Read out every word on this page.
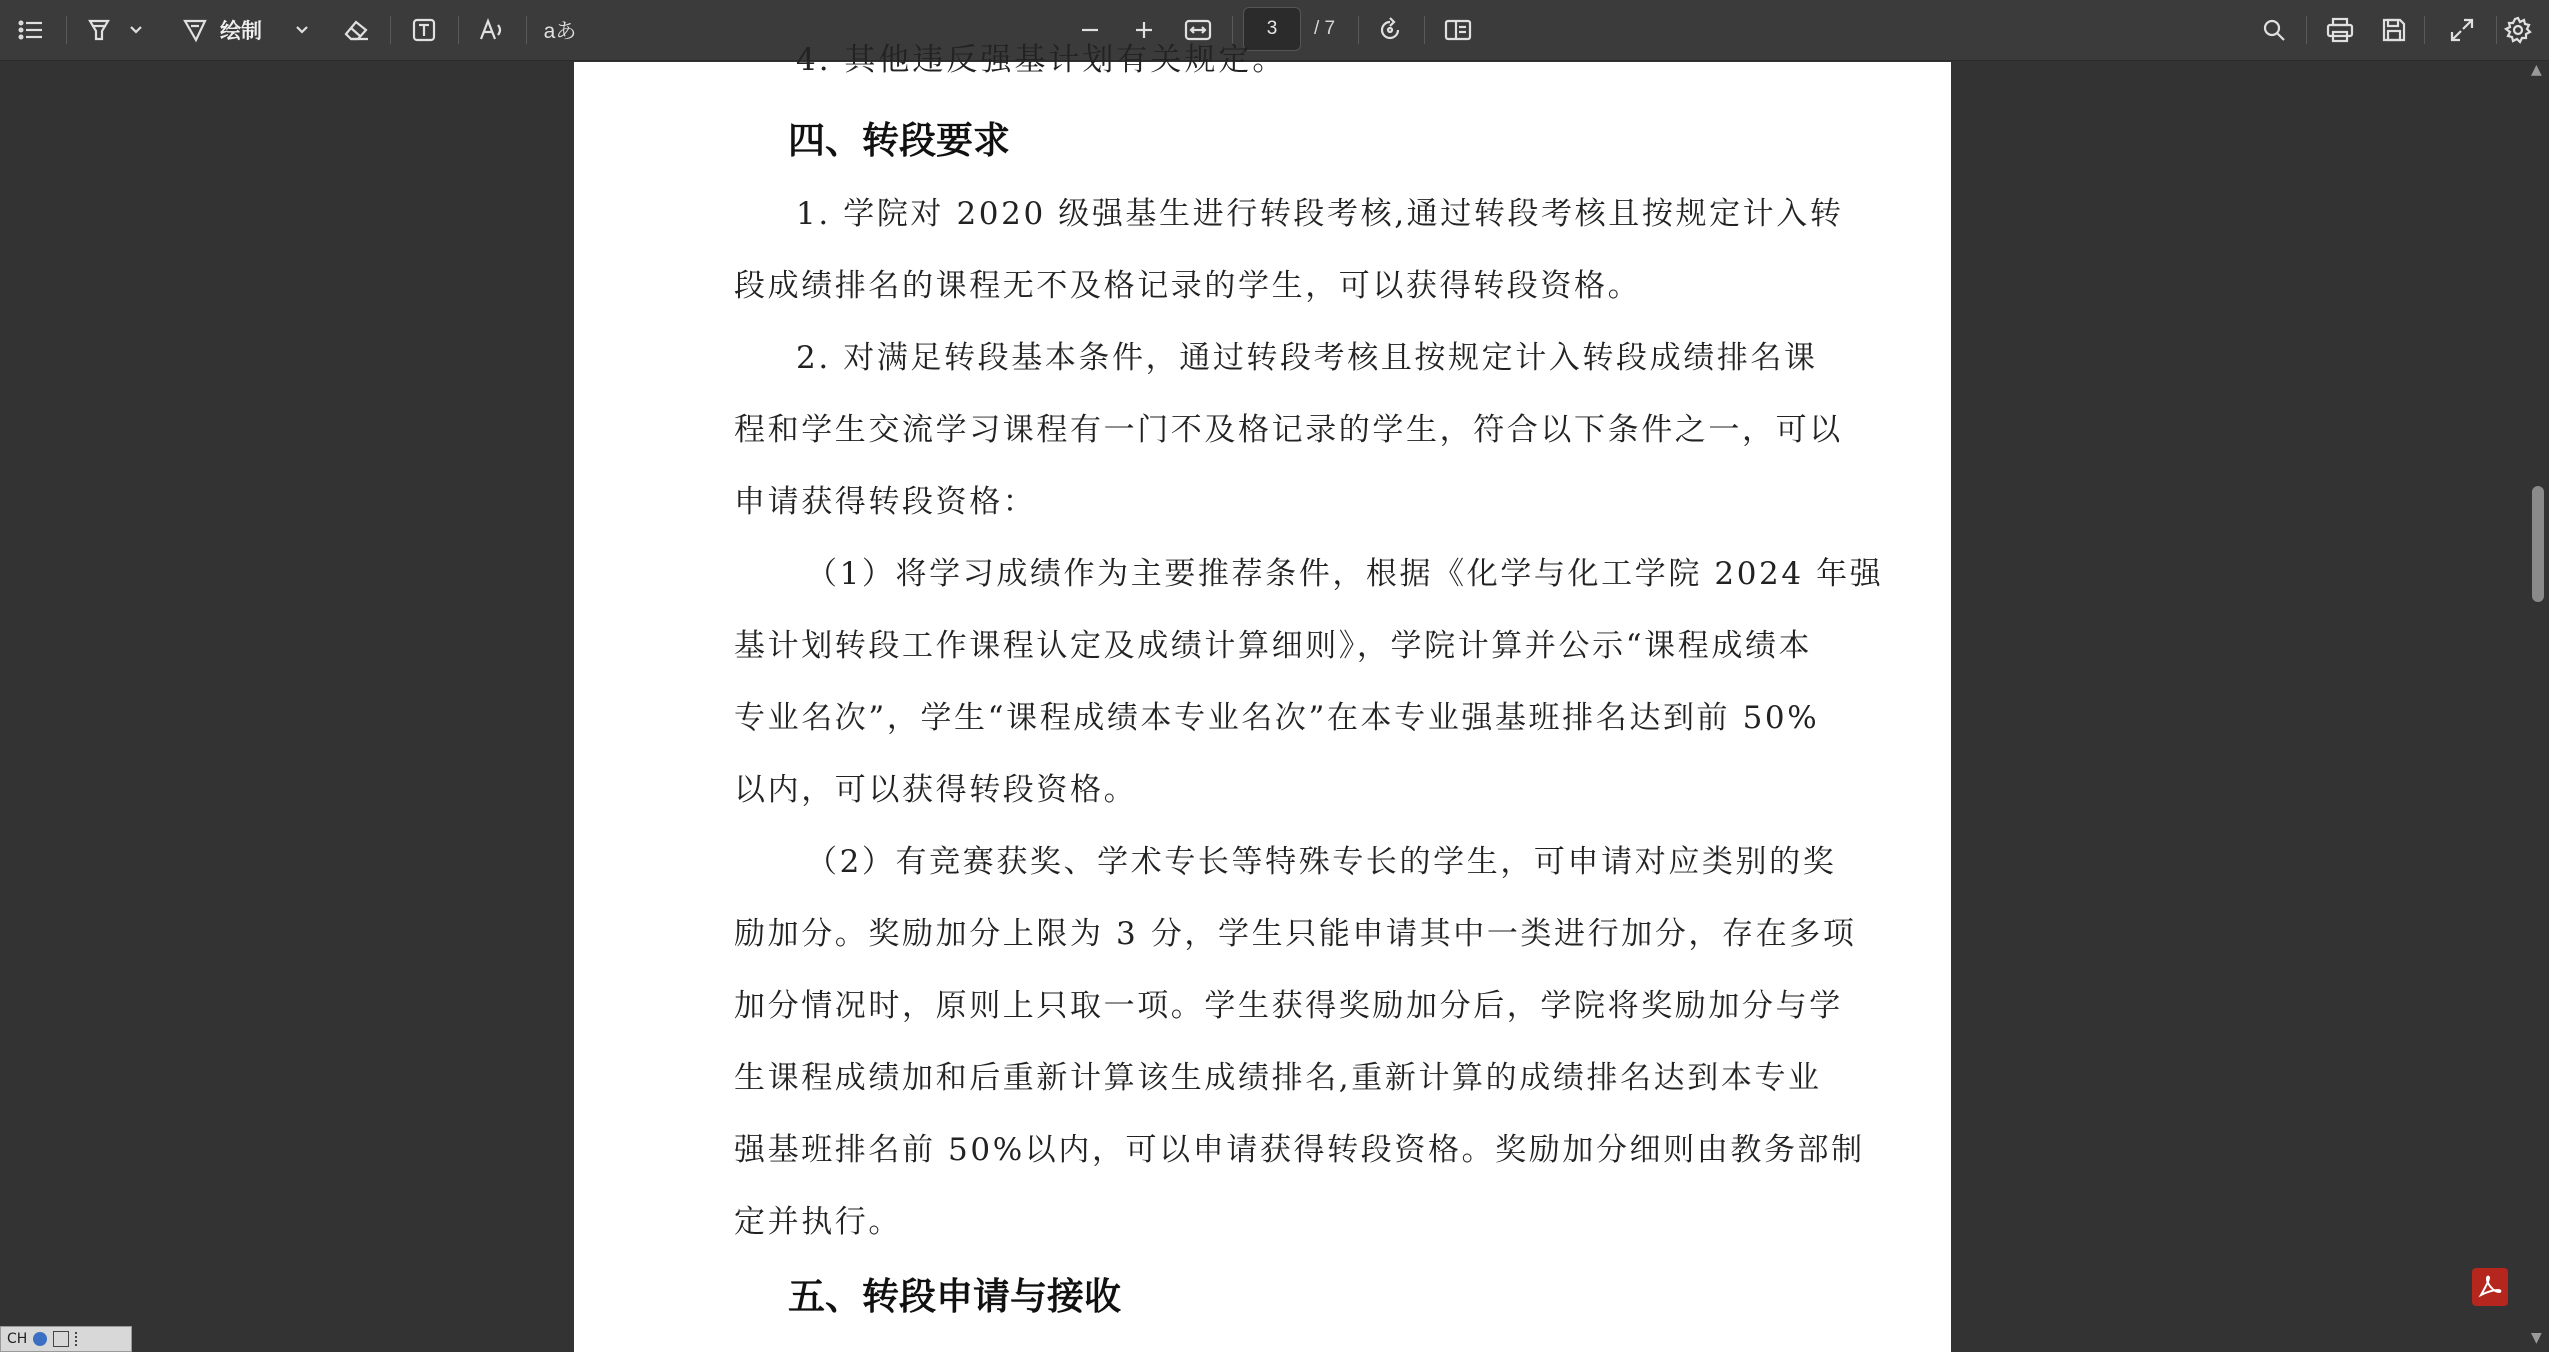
绘制	aあ	3	/ 7
4. 其他违反强基计划有关规定。
四、转段要求
1. 学院对 2020 级强基生进行转段考核,通过转段考核且按规定计入转
段成绩排名的课程无不及格记录的学生，可以获得转段资格。
2. 对满足转段基本条件，通过转段考核且按规定计入转段成绩排名课
程和学生交流学习课程有一门不及格记录的学生，符合以下条件之一，可以
申请获得转段资格：
（1）将学习成绩作为主要推荐条件，根据《化学与化工学院 2024 年强
基计划转段工作课程认定及成绩计算细则》，学院计算并公示“课程成绩本
专业名次”，学生“课程成绩本专业名次”在本专业强基班排名达到前 50%
以内，可以获得转段资格。
（2）有竞赛获奖、学术专长等特殊专长的学生，可申请对应类别的奖
励加分。奖励加分上限为 3 分，学生只能申请其中一类进行加分，存在多项
加分情况时，原则上只取一项。学生获得奖励加分后，学院将奖励加分与学
生课程成绩加和后重新计算该生成绩排名,重新计算的成绩排名达到本专业
强基班排名前 50%以内，可以申请获得转段资格。奖励加分细则由教务部制
定并执行。
五、转段申请与接收
▲
▼
CH
